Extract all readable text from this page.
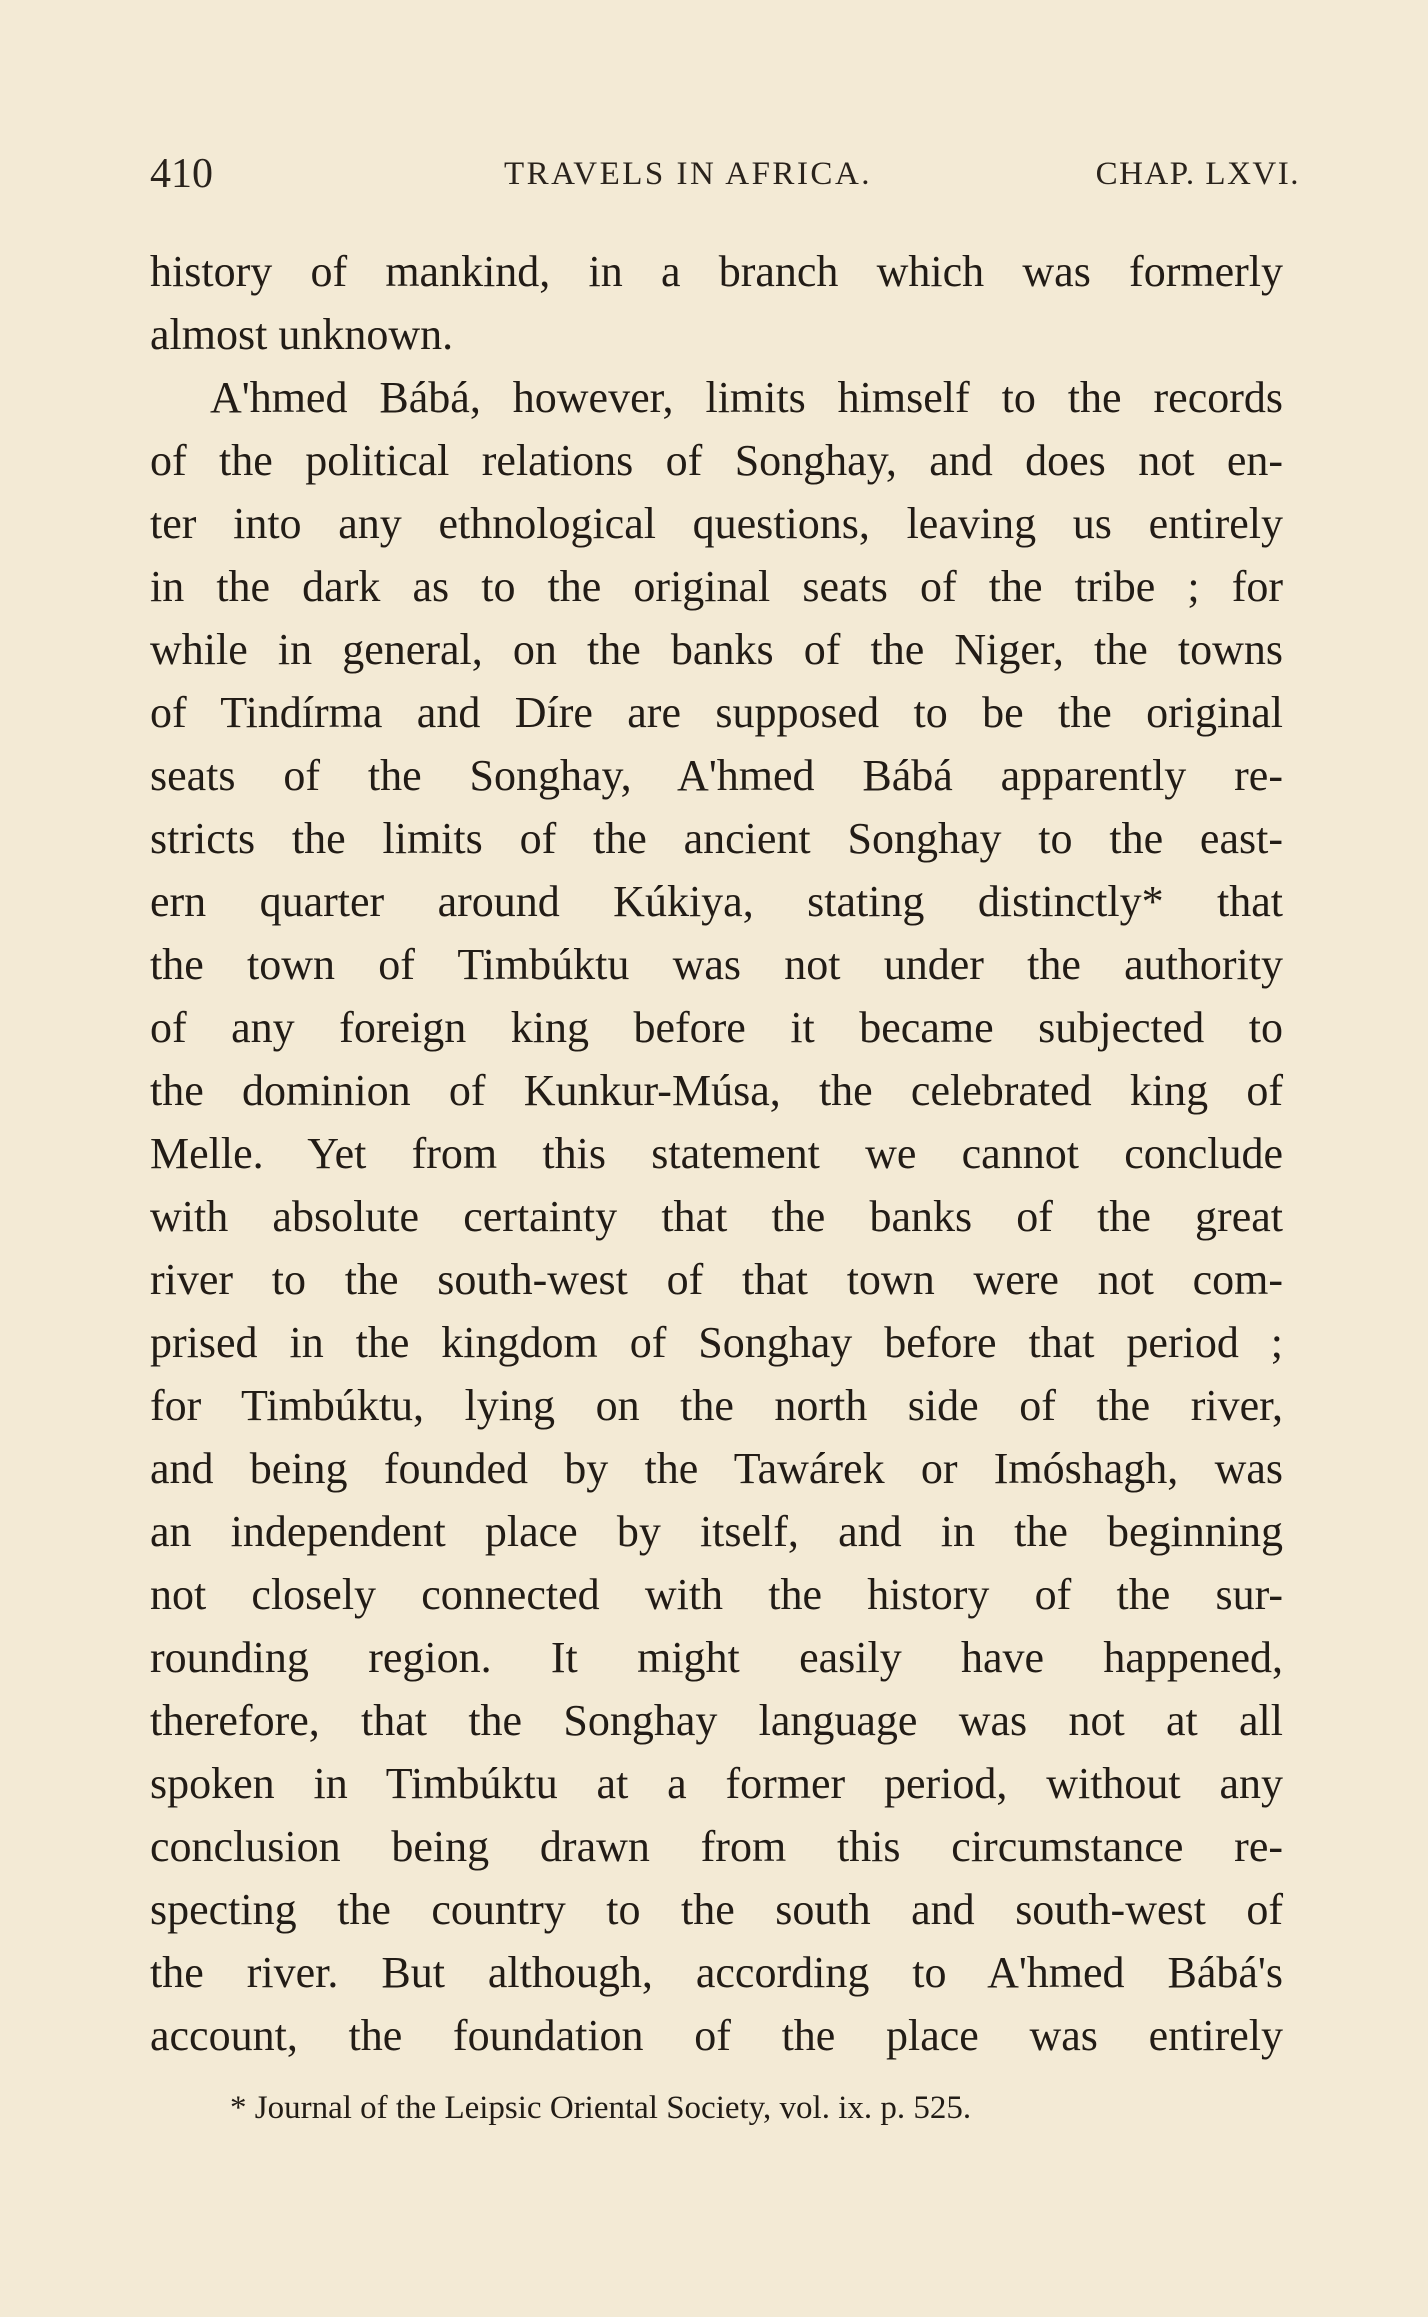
410	TRAVELS IN AFRICA.	CHAP. LXVI.
history of mankind, in a branch which was formerly
almost unknown.
A'hmed Bábá, however, limits himself to the records
of the political relations of Songhay, and does not en-
ter into any ethnological questions, leaving us entirely
in the dark as to the original seats of the tribe ; for
while in general, on the banks of the Niger, the towns
of Tindírma and Díre are supposed to be the original
seats of the Songhay, A'hmed Bábá apparently re-
stricts the limits of the ancient Songhay to the east-
ern quarter around Kúkiya, stating distinctly* that
the town of Timbúktu was not under the authority
of any foreign king before it became subjected to
the dominion of Kunkur-Músa, the celebrated king of
Melle. Yet from this statement we cannot conclude
with absolute certainty that the banks of the great
river to the south-west of that town were not com-
prised in the kingdom of Songhay before that period ;
for Timbúktu, lying on the north side of the river,
and being founded by the Tawárek or Imóshagh, was
an independent place by itself, and in the beginning
not closely connected with the history of the sur-
rounding region. It might easily have happened,
therefore, that the Songhay language was not at all
spoken in Timbúktu at a former period, without any
conclusion being drawn from this circumstance re-
specting the country to the south and south-west of
the river. But although, according to A'hmed Bábá's
account, the foundation of the place was entirely
* Journal of the Leipsic Oriental Society, vol. ix. p. 525.
